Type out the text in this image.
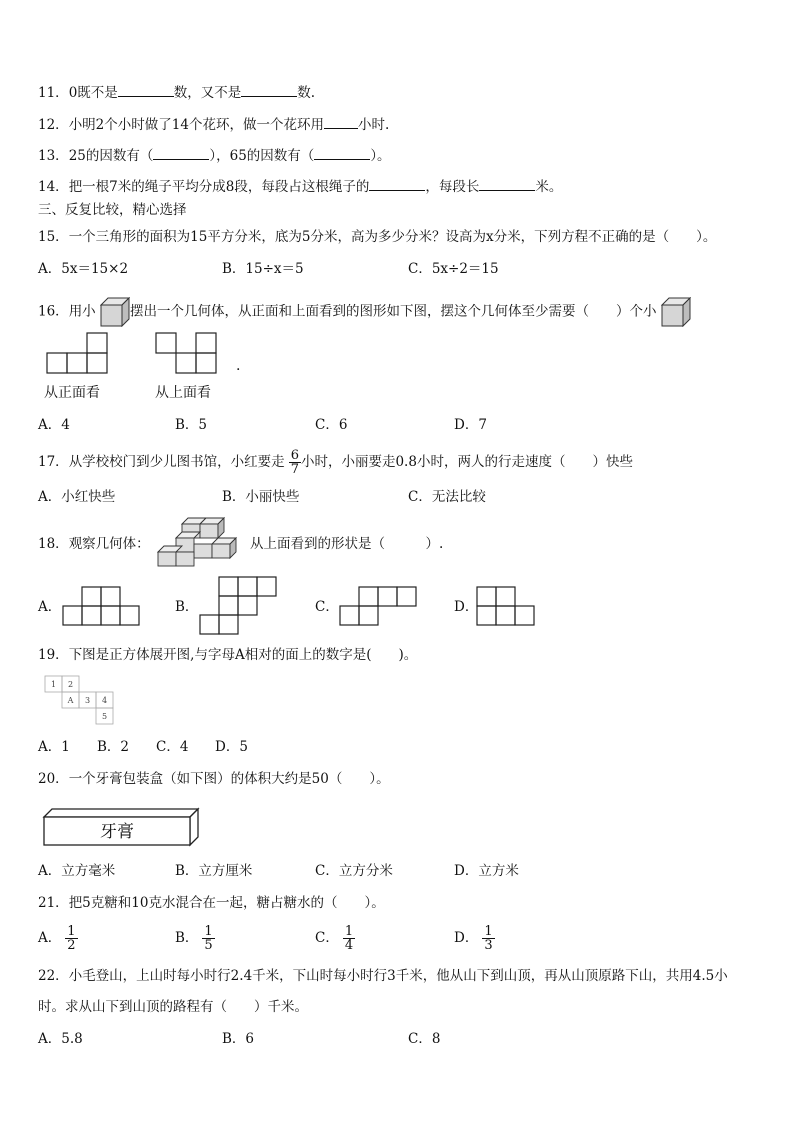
11．0既不是	数，又不是	数.
12．小明2个小时做了14个花环，做一个花环用	小时.
13．25的因数有（	），65的因数有（	）。
14．把一根7米的绳子平均分成8段，每段占这根绳子的	，每段长	米。
三、反复比较，精心选择
15．一个三角形的面积为15平方分米，底为5分米，高为多少分米？设高为x分米，下列方程不正确的是（　　）。
A．5x＝15×2	B．15÷x＝5	C．5x÷2＝15
16．用小	摆出一个几何体，从正面和上面看到的图形如下图，摆这个几何体至少需要（　　）个小
从正面看	从上面看
.
A．4	B．5	C．6	D．7
17．从学校校门到少儿图书馆，小红要走 $\frac{6}{7}$ 小时，小丽要走0.8小时，两人的行走速度（　　）快些
A．小红快些	B．小丽快些	C．无法比较
18．观察几何体：	从上面看到的形状是（　　　）.
A．	B．	C．	D．
19．下图是正方体展开图,与字母A相对的面上的数字是(　　)。
1 2
A 3 4
5
A．1 B．2 C．4 D．5
20．一个牙膏包装盒（如下图）的体积大约是50（　　）。
牙膏
A．立方毫米	B．立方厘米	C．立方分米	D．立方米
21．把5克糖和10克水混合在一起，糖占糖水的（　　）。
A． $\frac{1}{2}$	B． $\frac{1}{5}$	C． $\frac{1}{4}$	D． $\frac{1}{3}$
22．小毛登山，上山时每小时行2.4千米，下山时每小时行3千米，他从山下到山顶，再从山顶原路下山，共用4.5小
时。求从山下到山顶的路程有（　　）千米。
A．5.8	B．6	C．8
